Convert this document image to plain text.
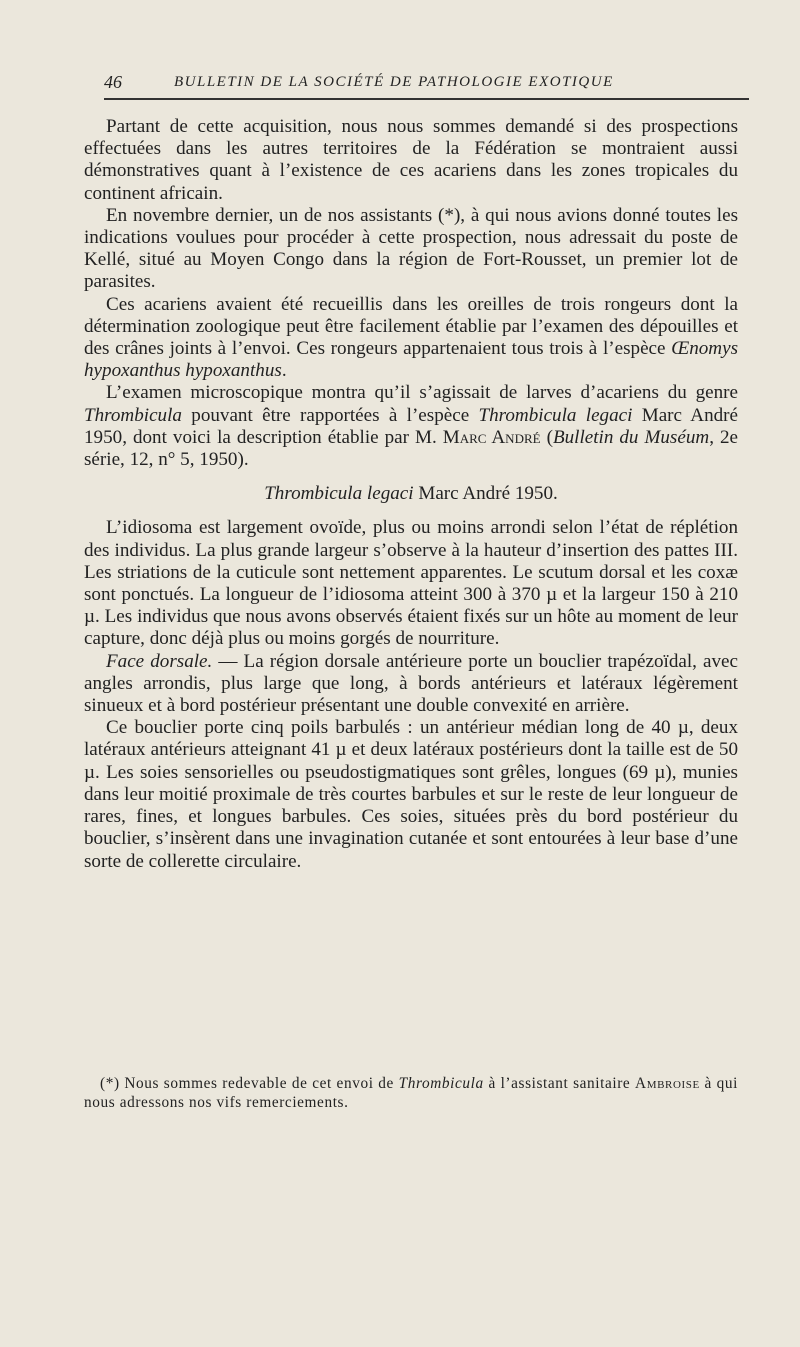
46	BULLETIN DE LA SOCIÉTÉ DE PATHOLOGIE EXOTIQUE

Partant de cette acquisition, nous nous sommes demandé si des prospections effectuées dans les autres territoires de la Fédération se montraient aussi démonstratives quant à l’existence de ces acariens dans les zones tropicales du continent africain.

En novembre dernier, un de nos assistants (*), à qui nous avions donné toutes les indications voulues pour procéder à cette prospection, nous adressait du poste de Kellé, situé au Moyen Congo dans la région de Fort-Rousset, un premier lot de parasites.

Ces acariens avaient été recueillis dans les oreilles de trois rongeurs dont la détermination zoologique peut être facilement établie par l’examen des dépouilles et des crânes joints à l’envoi. Ces rongeurs appartenaient tous trois à l’espèce Œnomys hypoxanthus hypoxanthus.

L’examen microscopique montra qu’il s’agissait de larves d’acariens du genre Thrombicula pouvant être rapportées à l’espèce Thrombicula legaci Marc André 1950, dont voici la description établie par M. Marc André (Bulletin du Muséum, 2e série, 12, n° 5, 1950).

Thrombicula legaci Marc André 1950.

L’idiosoma est largement ovoïde, plus ou moins arrondi selon l’état de réplétion des individus. La plus grande largeur s’observe à la hauteur d’insertion des pattes III. Les striations de la cuticule sont nettement apparentes. Le scutum dorsal et les coxæ sont ponctués. La longueur de l’idiosoma atteint 300 à 370 µ et la largeur 150 à 210 µ. Les individus que nous avons observés étaient fixés sur un hôte au moment de leur capture, donc déjà plus ou moins gorgés de nourriture.

Face dorsale. — La région dorsale antérieure porte un bouclier trapézoïdal, avec angles arrondis, plus large que long, à bords antérieurs et latéraux légèrement sinueux et à bord postérieur présentant une double convexité en arrière.

Ce bouclier porte cinq poils barbulés : un antérieur médian long de 40 µ, deux latéraux antérieurs atteignant 41 µ et deux latéraux postérieurs dont la taille est de 50 µ. Les soies sensorielles ou pseudostigmatiques sont grêles, longues (69 µ), munies dans leur moitié proximale de très courtes barbules et sur le reste de leur longueur de rares, fines, et longues barbules. Ces soies, situées près du bord postérieur du bouclier, s’insèrent dans une invagination cutanée et sont entourées à leur base d’une sorte de collerette circulaire.

(*) Nous sommes redevable de cet envoi de Thrombicula à l’assistant sanitaire Ambroise à qui nous adressons nos vifs remerciements.
